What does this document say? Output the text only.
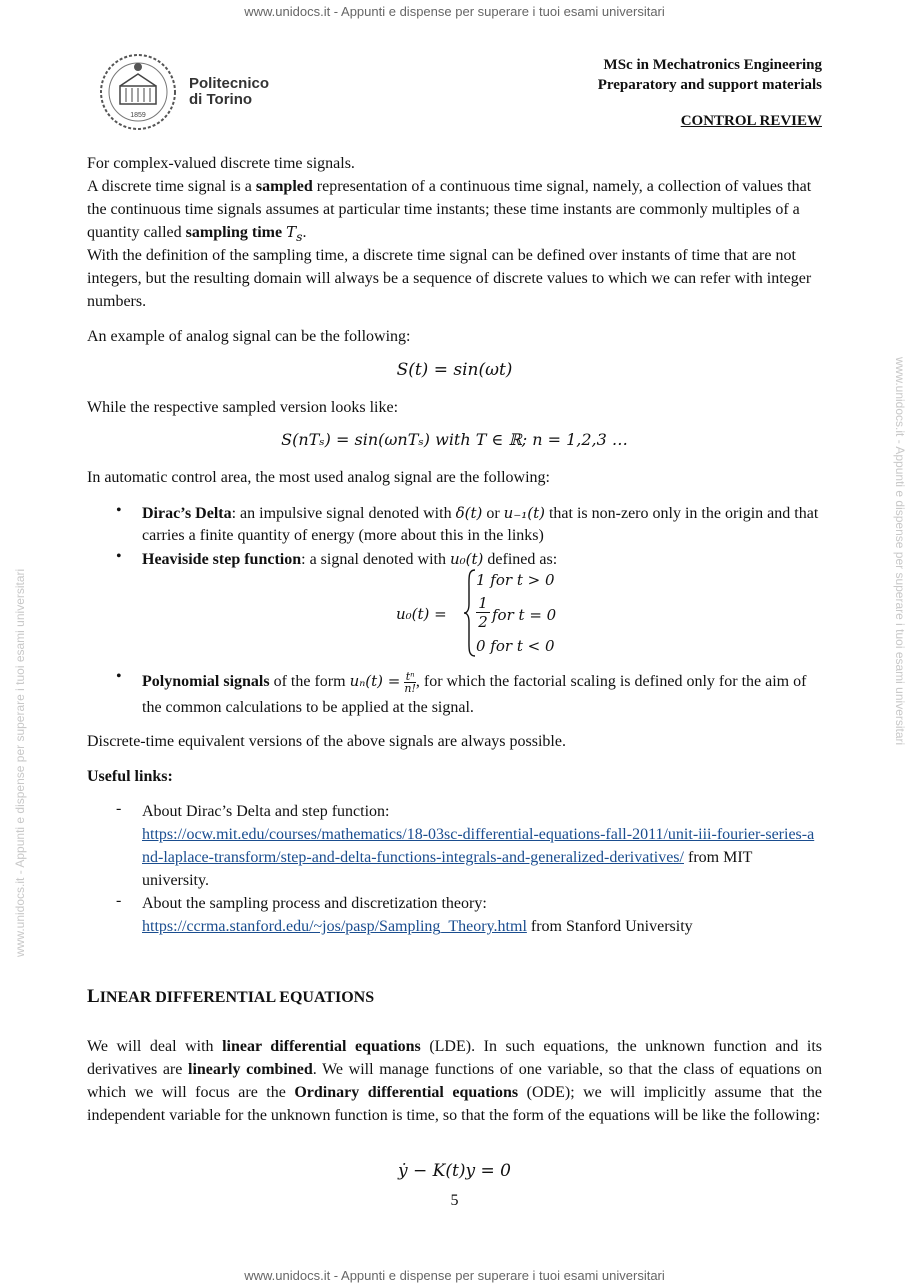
www.unidocs.it - Appunti e dispense per superare i tuoi esami universitari
www.unidocs.it - Appunti e dispense per superare i tuoi esami universitari
www.unidocs.it - Appunti e dispense per superare i tuoi esami universitari
www.unidocs.it - Appunti e dispense per superare i tuoi esami universitari
1859
Politecnico
di Torino
MSc in Mechatronics Engineering
Preparatory and support materials
CONTROL REVIEW

For complex-valued discrete time signals.

A discrete time signal is a sampled representation of a continuous time signal, namely, a collection of values that the continuous time signals assumes at particular time instants; these time instants are commonly multiples of a quantity called sampling time $T_s$.

With the definition of the sampling time, a discrete time signal can be defined over instants of time that are not integers, but the resulting domain will always be a sequence of discrete values to which we can refer with integer numbers.

An example of analog signal can be the following:

S(t) = sin(ωt)

While the respective sampled version looks like:

S(nTₛ) = sin(ωnTₛ) with T ∈ ℝ; n = 1,2,3 …

In automatic control area, the most used analog signal are the following:

• Dirac’s Delta: an impulsive signal denoted with δ(t) or u₋₁(t) that is non-zero only in the origin and that carries a finite quantity of energy (more about this in the links)

• Heaviside step function: a signal denoted with u₀(t) defined as:

u₀(t) =
1 for t > 0
$\frac{1}{2}$ for t = 0
0 for t < 0
• Polynomial signals of the form $u_n(t) = \frac{\text{tⁿ}}{n!}$ , for which the factorial scaling is defined only for the aim of the common calculations to be applied at the signal.

Discrete-time equivalent versions of the above signals are always possible.

Useful links:

- About Dirac’s Delta and step function:
https://ocw.mit.edu/courses/mathematics/18-03sc-differential-equations-fall-2011/unit-iii-fourier-series-and-laplace-transform/step-and-delta-functions-integrals-and-generalized-derivatives/ from MIT university.

- About the sampling process and discretization theory:
https://ccrma.stanford.edu/~jos/pasp/Sampling_Theory.html from Stanford University

LINEAR DIFFERENTIAL EQUATIONS

We will deal with linear differential equations (LDE). In such equations, the unknown function and its derivatives are linearly combined. We will manage functions of one variable, so that the class of equations on which we will focus are the Ordinary differential equations (ODE); we will implicitly assume that the independent variable for the unknown function is time, so that the form of the equations will be like the following:

ẏ − K(t)y = 0
5
